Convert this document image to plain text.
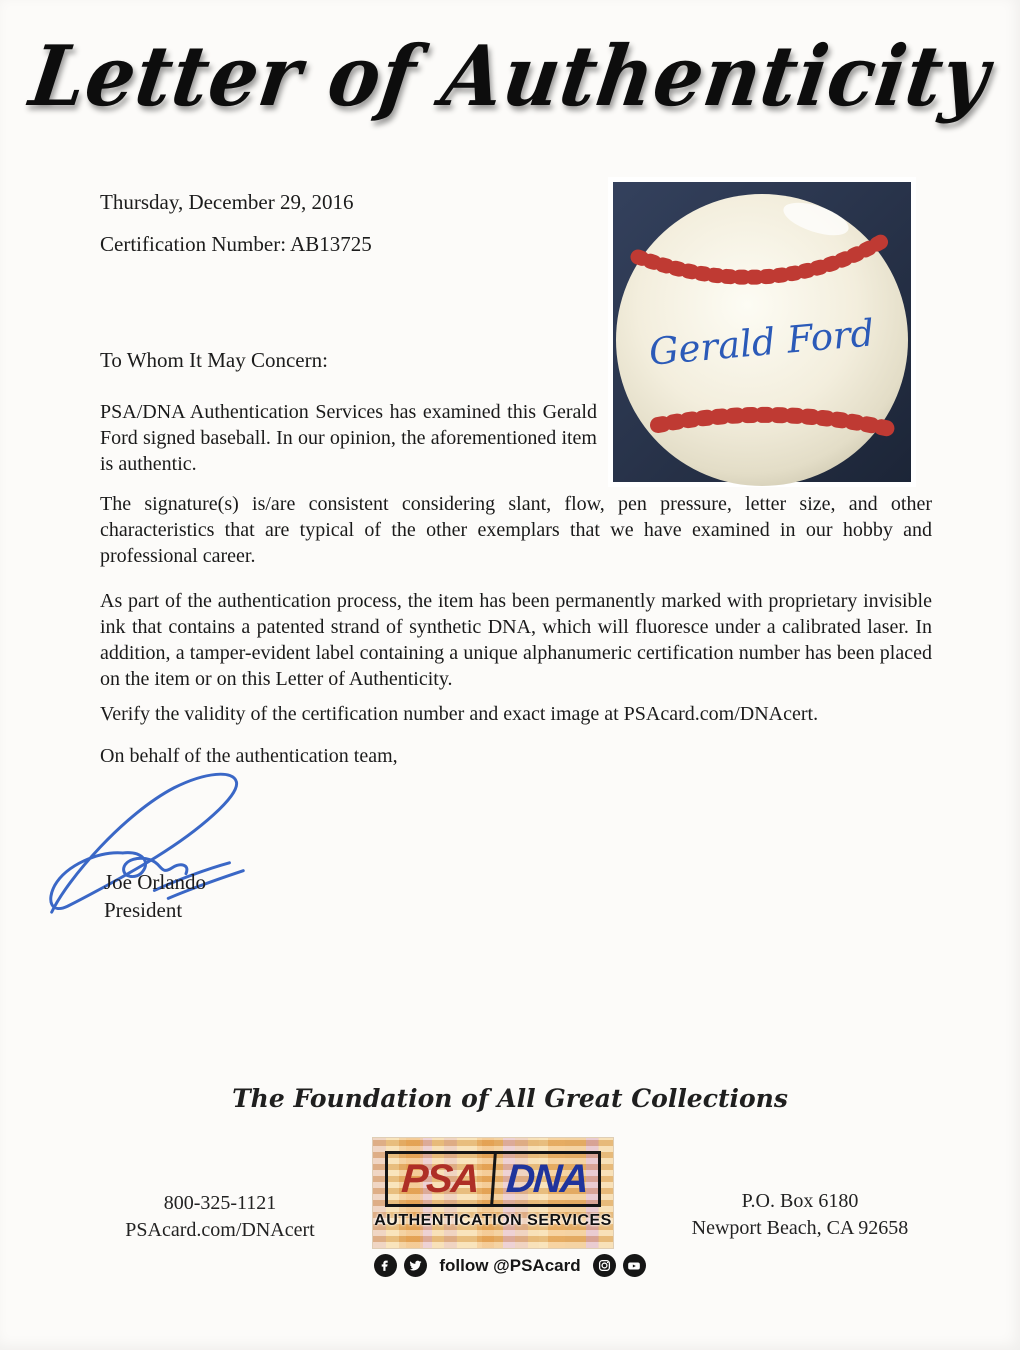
Letter of Authenticity
Thursday, December 29, 2016
Certification Number: AB13725
Gerald Ford
To Whom It May Concern:
PSA/DNA Authentication Services has examined this Gerald Ford signed baseball. In our opinion, the aforementioned item is authentic.
The signature(s) is/are consistent considering slant, flow, pen pressure, letter size, and other characteristics that are typical of the other exemplars that we have examined in our hobby and professional career.
As part of the authentication process, the item has been permanently marked with proprietary invisible ink that contains a patented strand of synthetic DNA, which will fluoresce under a calibrated laser. In addition, a tamper-evident label containing a unique alphanumeric certification number has been placed on the item or on this Letter of Authenticity.
Verify the validity of the certification number and exact image at PSAcard.com/DNAcert.
On behalf of the authentication team,
Joe Orlando
President
The Foundation of All Great Collections
PSA DNA
AUTHENTICATION SERVICES
follow @PSAcard
800-325-1121
PSAcard.com/DNAcert
P.O. Box 6180
Newport Beach, CA 92658
